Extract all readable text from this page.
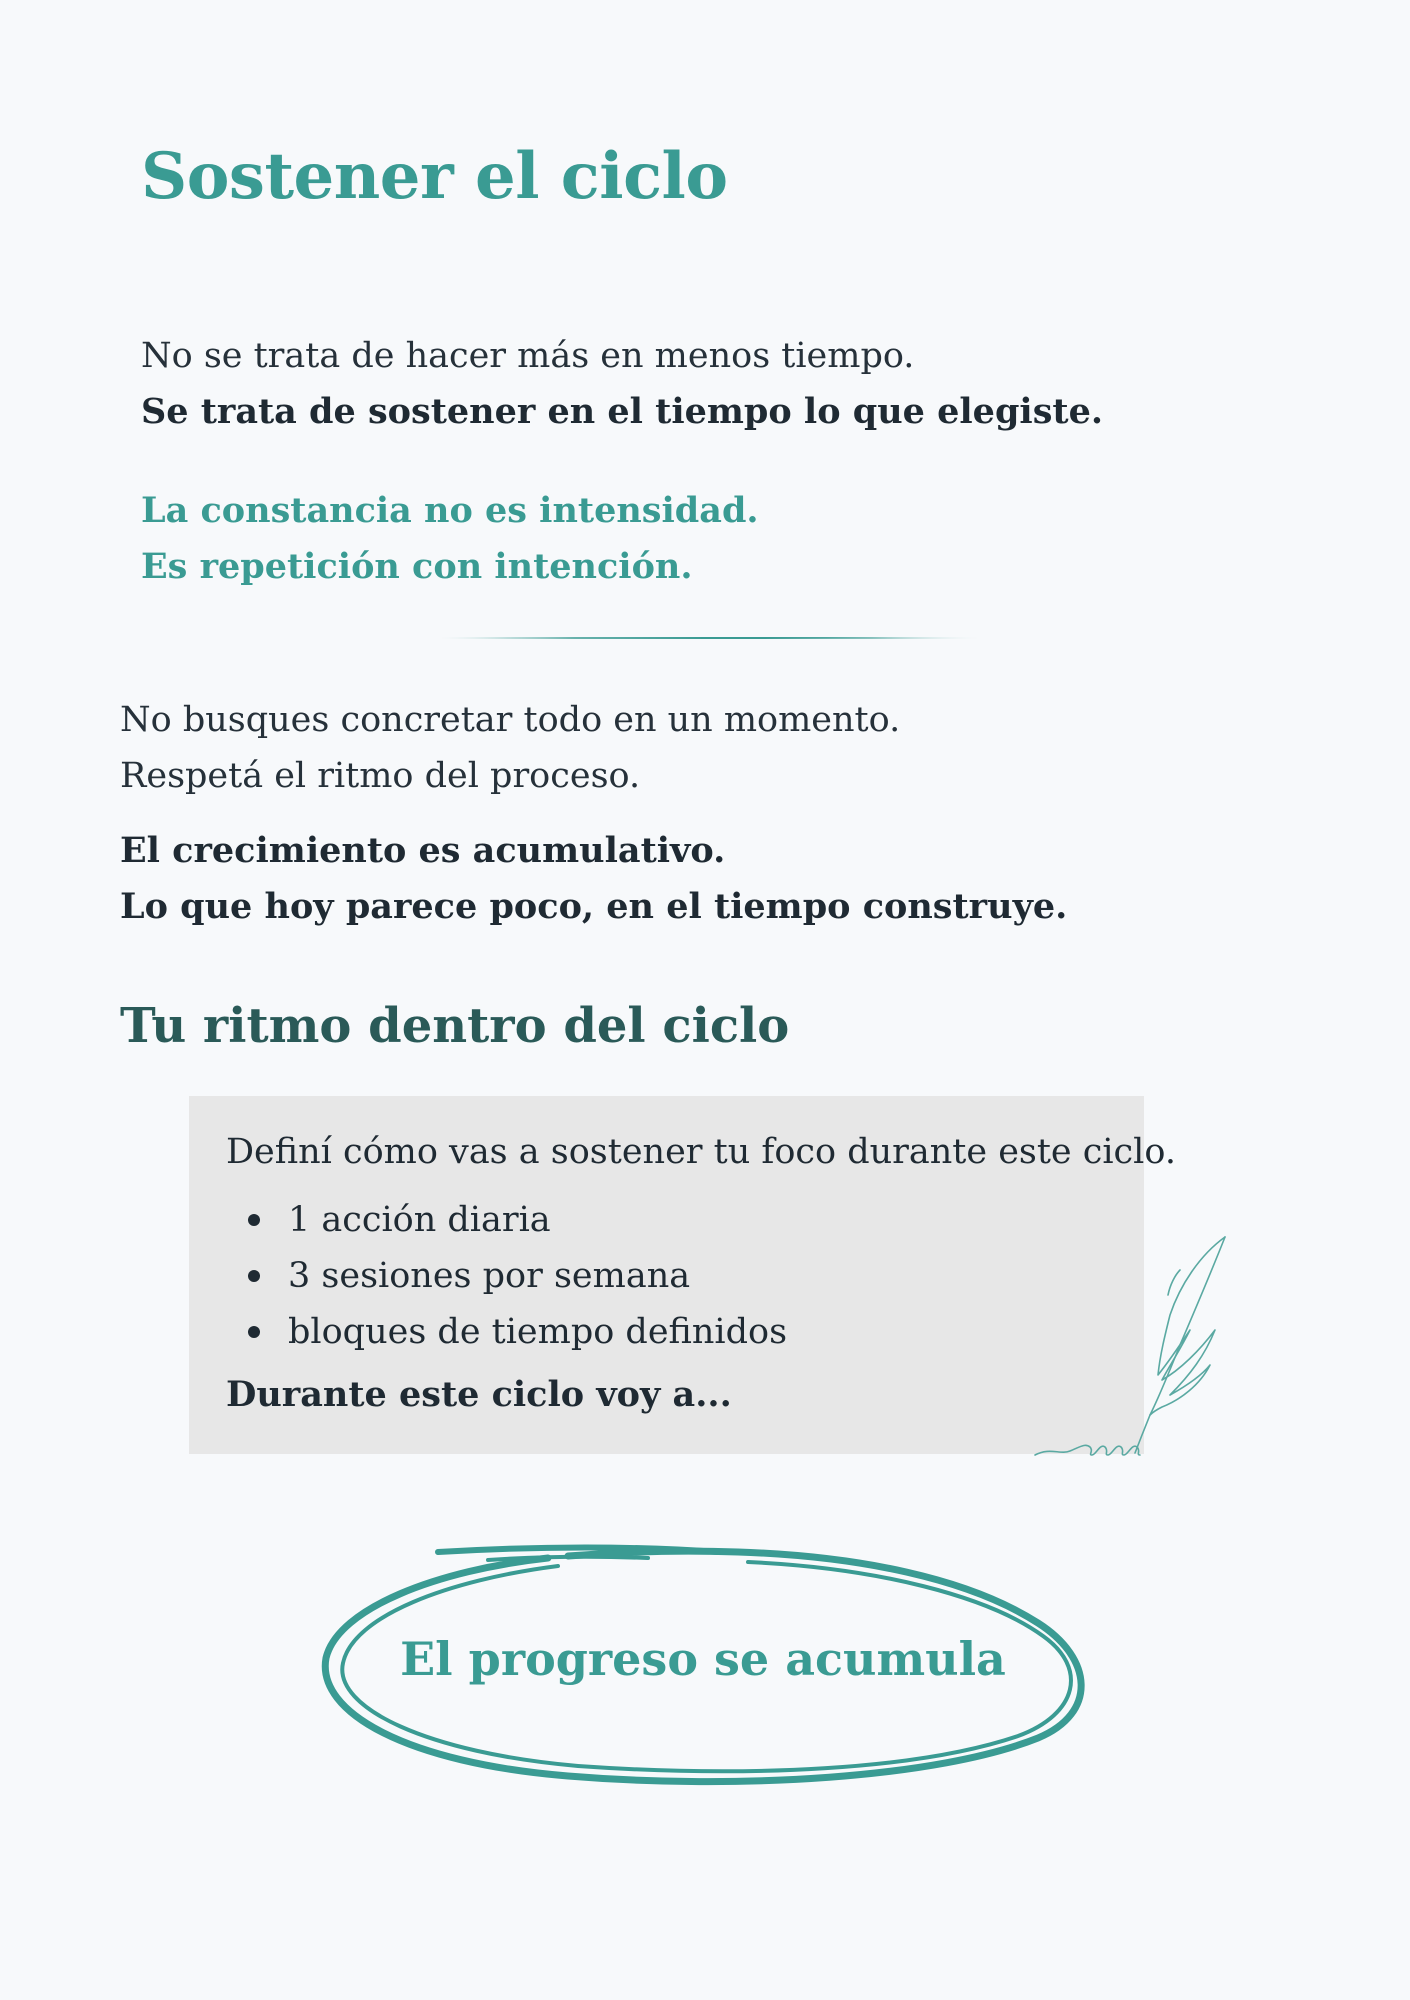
Sostener el ciclo
No se trata de hacer más en menos tiempo.
Se trata de sostener en el tiempo lo que elegiste.
La constancia no es intensidad.
Es repetición con intención.
No busques concretar todo en un momento.
Respetá el ritmo del proceso.
El crecimiento es acumulativo.
Lo que hoy parece poco, en el tiempo construye.
Tu ritmo dentro del ciclo
Definí cómo vas a sostener tu foco durante este ciclo.
1 acción diaria
3 sesiones por semana
bloques de tiempo definidos
Durante este ciclo voy a...
El progreso se acumula
